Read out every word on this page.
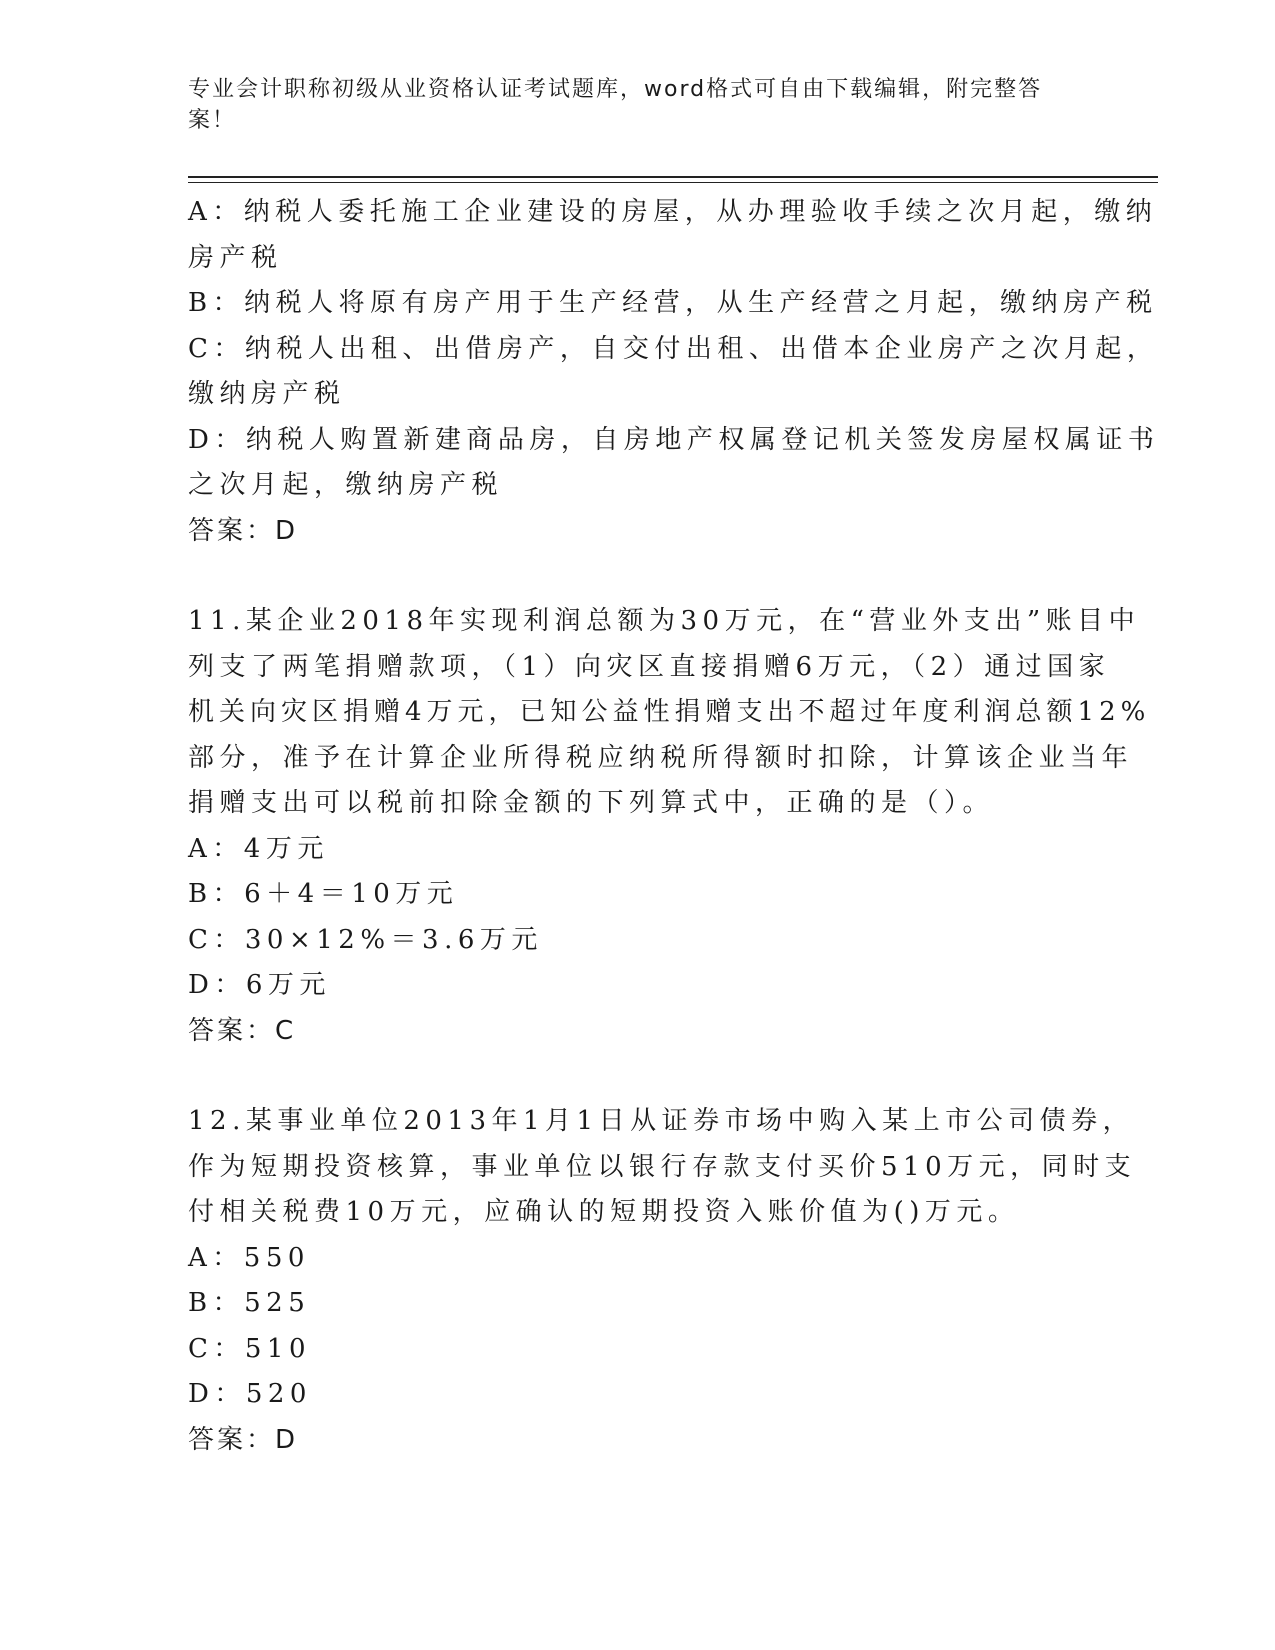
专业会计职称初级从业资格认证考试题库，word格式可自由下载编辑，附完整答
案！
A：纳税人委托施工企业建设的房屋，从办理验收手续之次月起，缴纳
房产税
B：纳税人将原有房产用于生产经营，从生产经营之月起，缴纳房产税
C：纳税人出租、出借房产，自交付出租、出借本企业房产之次月起，
缴纳房产税
D：纳税人购置新建商品房，自房地产权属登记机关签发房屋权属证书
之次月起，缴纳房产税
答案：D
11.某企业2018年实现利润总额为30万元，在“营业外支出”账目中
列支了两笔捐赠款项，（1）向灾区直接捐赠6万元，（2）通过国家
机关向灾区捐赠4万元，已知公益性捐赠支出不超过年度利润总额12%
部分，准予在计算企业所得税应纳税所得额时扣除，计算该企业当年
捐赠支出可以税前扣除金额的下列算式中，正确的是（）。
A：4万元
B：6＋4＝10万元
C：30×12%＝3.6万元
D：6万元
答案：C
12.某事业单位2013年1月1日从证券市场中购入某上市公司债券，
作为短期投资核算，事业单位以银行存款支付买价510万元，同时支
付相关税费10万元，应确认的短期投资入账价值为()万元。
A：550
B：525
C：510
D：520
答案：D
